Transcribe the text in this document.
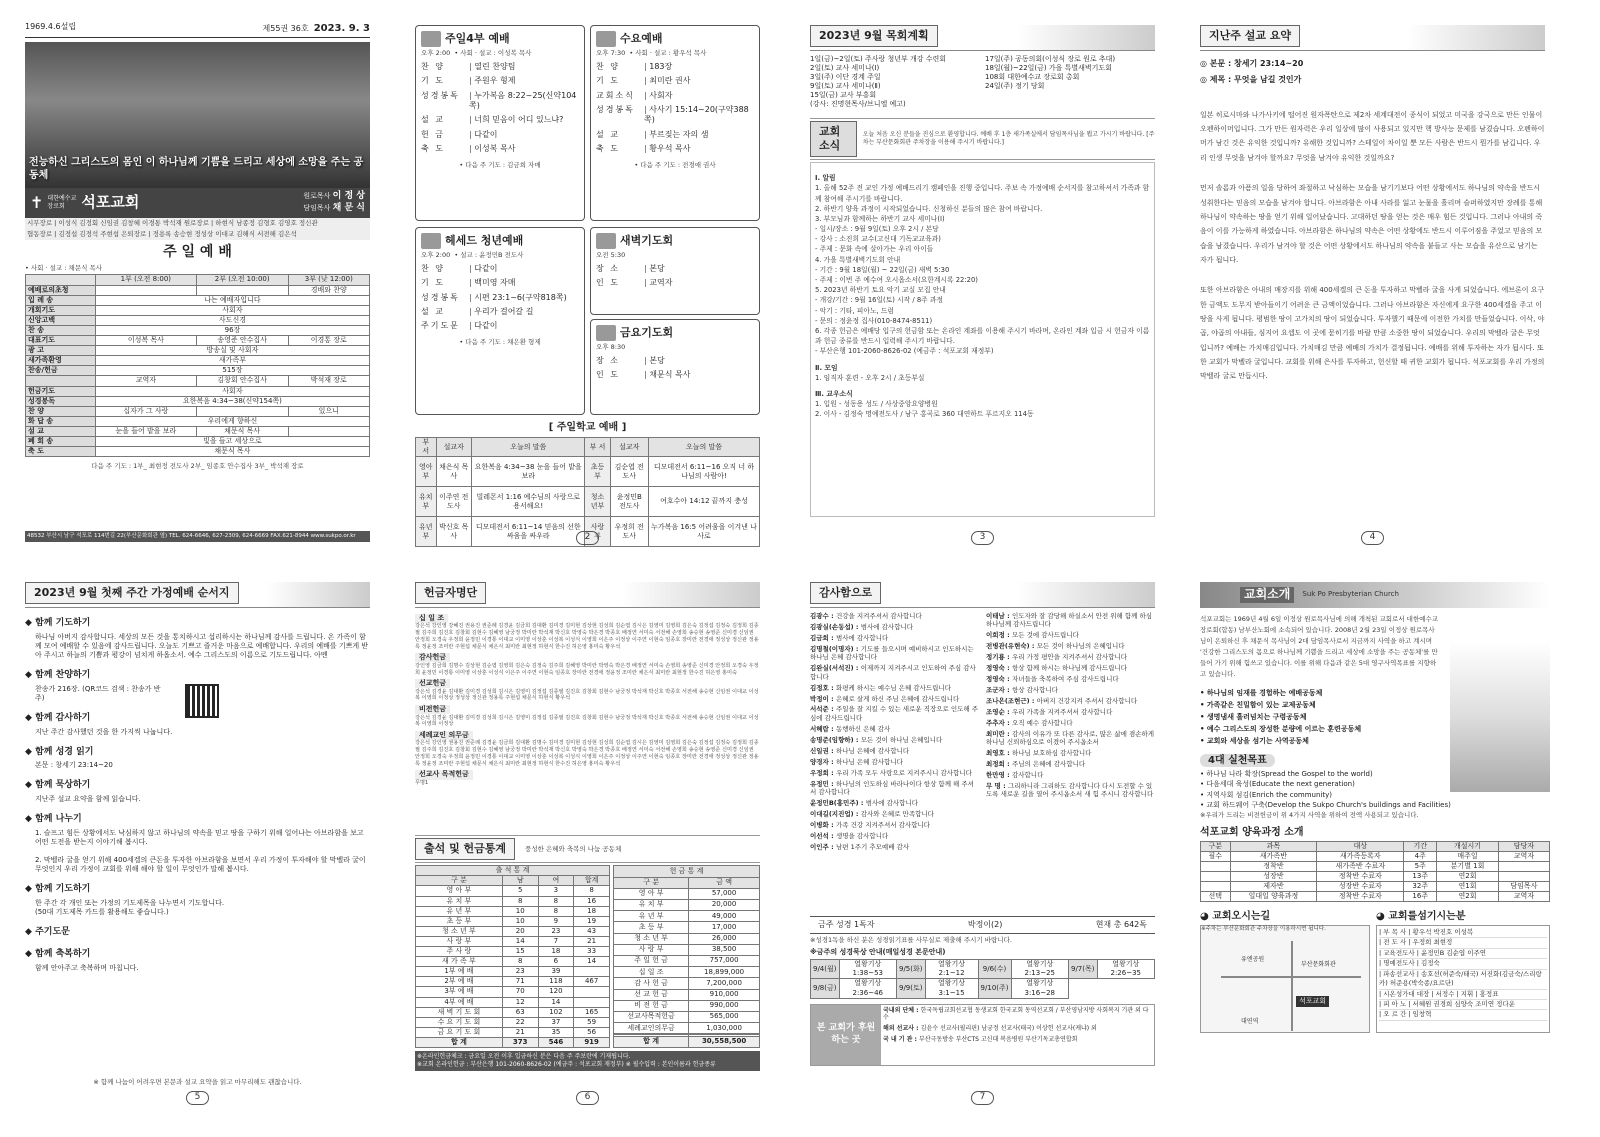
1969.4.6설립	제55권 36호 2023. 9. 3
전능하신 그리스도의 몸인 이 하나님께 기쁨을 드리고 세상에 소망을 주는 공동체
✝ 대한예수교 장로회	석포교회	원로목사 이 정 상
담임목사 채 문 식
시무장로 | 이성식 김정회 신임권 김창혜 이경통 박석재 원로장로 | 하현식 남종정 김형호 김영호 정신관
협동장로 | 김정섭 김정석 주현섭 은퇴장로 | 정용록 송승현 정성상 이대교 김해식 서전해 김은석
주 일 예 배
• 사회 · 설교 : 채문식 목사
	1부 (오전 8:00)	2부 (오전 10:00)	3부 (낮 12:00)
예배로의초청			경배와 찬양
입 례 송	나는 예배자입니다		
개회기도	사회자		
신앙고백	사도신경		
찬 송	96장		
대표기도	이성복 목사	송영준 안수집사	이경통 장로
광 고	방송실 및 사회자		
새가족환영	새가족부		
찬송/헌금	515장		
	교역자	김창회 안수집사	박석재 장로
헌금기도	사회자		
성경봉독	요한복음 4:34~38(신약154쪽)		
찬 양	십자가 그 사랑		있으니
화 답 송	우리에게 향하신		
설 교	눈을 들어 밭을 보라	채문식 목사	
폐 회 송	빛을 들고 세상으로		
축 도	채문식 목사		
다음 주 기도 : 1부_ 최현정 전도사 2부_ 임종호 안수집사 3부_ 박석재 장로
48532 부산시 남구 석포로 114번길 22(부산문화회관 옆) TEL. 624-6646, 627-2309, 624-6669 FAX.621-8944 www.sukpo.or.kr
주일4부 예배
오후 2:00 • 사회 · 설교 : 이성복 목사
찬 양	| 열린 찬양팀
기 도	| 주원우 형제
성경봉독	| 누가복음 8:22~25(신약104쪽)
설 교	| 너희 믿음이 어디 있느냐?
헌 금	| 다같이
축 도	| 이성복 목사
• 다음 주 기도 : 김금희 자매
수요예배
오후 7:30 • 사회 · 설교 : 황우석 목사
찬 양	| 183장
기 도	| 최미란 권사
교회소식	| 사회자
성경봉독	| 사사기 15:14~20(구약388쪽)
설 교	| 부르짖는 자의 샘
축 도	| 황우석 목사
• 다음 주 기도 : 전경애 권사
헤세드 청년예배
오후 2:00 • 설교 : 윤정민B 전도사
찬 양	| 다같이
기 도	| 백미영 자매
성경봉독	| 시편 23:1~6(구약818쪽)
설 교	| 우리가 걸어갈 길
주기도문	| 다같이
• 다음 주 기도 : 채은환 형제
새벽기도회
오전 5:30
장 소	| 본당
인 도	| 교역자
금요기도회
오후 8:30
장 소	| 본당
인 도	| 채문식 목사
[ 주일학교 예배 ]
부 서	설교자	오늘의 말씀	부 서	설교자	오늘의 말씀
영아부	채은식 목사	요한복음 4:34~38 눈을 들어 밭을 보라	초등부	김순엽 전도사	디모데전서 6:11~16 오직 너 하나님의 사람아!
유치부	이주연 전도사	빌레몬서 1:16 예수님의 사랑으로 용서해요!	청소년부	윤정민B 전도사	여호수아 14:12 끝까지 충성
유년부	박신호 목 사	디모데전서 6:11~14 믿음의 선한 싸움을 싸우라	사랑부	우정희 전도사	누가복음 16:5 어려움을 이겨낸 나사로
2
2023년 9월 목회계획
1일(금)~2일(토) 주사랑 청년부 개강 수련회
2일(토) 교사 세미나(Ⅰ)
3일(주) 이단 경계 주일
9일(토) 교사 세미나(Ⅱ)
15일(금) 교사 부흥회
(강사: 진명현목사/브니엘 예고)
17일(주) 공동의회(이성식 장로 원로 추대)
18일(월)~22일(금) 가을 특별새벽기도회
108회 대한예수교 장로회 총회
24일(주) 정기 당회
교회소식
오늘 처음 오신 분들을 진심으로 환영합니다. 예배 후 1층 새가족실에서 담임목사님을 뵙고 가시기 바랍니다. [주차는 부산문화회관 주차장을 이용해 주시기 바랍니다.]
Ⅰ. 알림
1. 올해 52주 전 교인 가정 예배드리기 캠페인을 진행 중입니다. 주보 속 가정예배 순서지를 참고하셔서 가족과 함께 참여해 주시기를 바랍니다.
2. 하반기 양육 과정이 시작되었습니다. 신청하신 분들의 많은 참여 바랍니다.
3. 부모님과 함께하는 하반기 교사 세미나(Ⅰ)
- 일시/장소 : 9월 9일(토) 오후 2시 / 본당
- 강사 : 소진희 교수(고신대 기독교교육과)
- 주제 : 문화 속에 살아가는 우리 아이들
4. 가을 특별새벽기도회 안내
- 기간 : 9월 18일(월) ~ 22일(금) 새벽 5:30
- 주제 : 이번 주 예수여 오시옵소서(요한계시록 22:20)
5. 2023년 하반기 토요 악기 교실 모집 안내
- 개강/기간 : 9월 16일(토) 시작 / 8주 과정
- 악기 : 기타, 피아노, 드럼
- 문의 : 정윤정 집사(010-8474-8511)
6. 각종 헌금은 예배당 입구의 헌금함 또는 온라인 계좌를 이용해 주시기 바라며, 온라인 계좌 입금 시 헌금자 이름과 헌금 종류를 반드시 입력해 주시기 바랍니다.
- 부산은행 101-2060-8626-02 (예금주 : 석포교회 재정부)
Ⅱ. 모임
1. 임직자 훈련 - 오후 2시 / 초등부실
Ⅲ. 교우소식
1. 입원 - 성동용 성도 / 사상중앙요양병원
2. 이사 - 김정숙 명예전도사 / 남구 홍곡로 360 대연하트 푸르지오 114동
3
지난주 설교 요약
◎ 본문 : 창세기 23:14~20
◎ 제목 : 무엇을 남길 것인가

일본 히로시마와 나가사키에 떨어진 원자폭탄으로 제2차 세계대전이 종식이 되었고 미국을 강국으로 만든 인물이 오펜하이머입니다. 그가 만든 원자력은 우리 일상에 많이 사용되고 있지만 핵 방사능 문제를 남겼습니다. 오펜하이머가 남긴 것은 유익한 것입니까? 유해한 것입니까? 스테일이 차이일 뿐 모든 사람은 반드시 뭔가를 남깁니다. 우리 인생 무엇을 남겨야 할까요? 무엇을 남겨야 유익한 것일까요?

먼저 솔롬과 아픔의 일을 당하여 좌절하고 낙심하는 모습을 남기기보다 어떤 상황에서도 하나님의 약속을 반드시 성취한다는 믿음의 모습을 남겨야 합니다. 아브라함은 아내 사라를 잃고 눈물을 흘리며 슬퍼하였지만 장례를 통해 하나님이 약속하는 땅을 얻기 위해 일어났습니다. 고대하던 땅을 얻는 것은 매우 힘든 것입니다. 그러나 아내의 죽음이 이를 가능하게 하였습니다. 아브라함은 하나님의 약속은 어떤 상황에도 반드시 이루어짐을 주었고 믿음의 모습을 남겼습니다. 우리가 남겨야 할 것은 어떤 상황에서도 하나님의 약속을 붙들고 사는 모습을 유산으로 남기는 자가 됩니다.

또한 아브라함은 아내의 매장지를 위해 400세겔의 큰 돈을 투자하고 막벨라 굴을 사게 되었습니다. 에브론이 요구한 금액도 도무지 받아들이기 어려운 큰 금액이었습니다. 그러나 아브라함은 자신에게 요구한 400세겔을 주고 이 땅을 사게 됩니다. 평범한 땅이 고가치의 땅이 되었습니다. 투자했기 때문에 이전한 가치를 만들었습니다. 이삭, 야곱, 야곱의 아내들, 심지어 요셉도 이 곳에 묻히기를 바랄 만큼 소중한 땅이 되었습니다. 우리의 막벨라 굴은 무엇입니까? 예배는 가치매김입니다. 가치매김 만큼 예배의 가치가 결정됩니다. 예배를 위해 투자하는 자가 됩시다. 또한 교회가 막벨라 굴입니다. 교회를 위해 은사를 투자하고, 헌신할 때 귀한 교회가 됩니다. 석포교회를 우리 가정의 막벨라 굴로 만듭시다.

4
2023년 9월 첫째 주간 가정예배 순서지
◆ 함께 기도하기
하나님 아버지 감사합니다. 세상의 모든 것을 통치하시고 섭리하시는 하나님께 감사를 드립니다. 온 가족이 함께 모여 예배할 수 있음에 감사드립니다. 오늘도 기쁘고 즐거운 마음으로 예배합니다. 우리의 예배를 기쁘게 받아 주시고 하늘의 기쁨과 평강이 넘치게 하옵소서. 예수 그리스도의 이름으로 기도드립니다. 아멘
◆ 함께 찬양하기
찬송가 216장. (QR코드 검색 : 찬송가 반주)
◆ 함께 감사하기
지난 주간 감사했던 것을 한 가지씩 나눕니다.
◆ 함께 성경 읽기
본문 : 창세기 23:14~20
◆ 함께 묵상하기
지난주 설교 요약을 함께 읽습니다.
◆ 함께 나누기
1. 슬프고 힘든 상황에서도 낙심하지 않고 하나님의 약속을 믿고 땅을 구하기 위해 일어나는 아브라함을 보고 어떤 도전을 받는지 이야기해 봅시다.

2. 막벨라 굴을 얻기 위해 400세겔의 큰돈을 투자한 아브라함을 보면서 우리 가정이 투자해야 할 막벨라 굴이 무엇인지 우리 가정이 교회를 위해 해야 할 일이 무엇인가 말해 봅시다.
◆ 함께 기도하기
한 주간 각 개인 또는 가정의 기도제목을 나누면서 기도합니다.
(50대 기도제목 카드를 활용해도 좋습니다.)
◆ 주기도문
◆ 함께 축복하기
함께 안아주고 축복하며 마칩니다.
※ 함께 나눔이 어려우면 본문과 설교 요약을 읽고 마무리해도 괜찮습니다.
5
헌금자명단
십 일 조
강은석 강인영 강혜진 권용진 권준례 김경윤 김금희 김대환 김미경 김미현 김상현 김성희 김순엽 김시은 김영미 김영희 김은숙 김정섭 김정숙 김정희 김종필 김주희 김진호 김창회 김현수 김혜영 남궁정 박미란 박석재 박신호 박영숙 박은경 박종호 배정연 서미숙 서전해 손영희 송승현 송영준 신미경 신임권 안정희 오경숙 우정희 윤정민 이경통 이대교 이미영 이상훈 이성복 이성식 이영희 이은주 이정상 이주연 이현숙 임종호 장미란 전경애 정성상 정신관 정용록 정윤정 조미란 주현섭 채문식 채은식 최미란 최현정 하현식 한수진 허은영 홍미숙 황우석
감사헌금
강인영 김금희 김명수 김상현 김순엽 김영희 김은숙 김정숙 김주희 김혜영 박미란 박영숙 박은경 배정연 서미숙 손영희 송영준 신미경 안정희 오경숙 우정희 윤정민 이경통 이미영 이상훈 이성식 이은주 이주연 이현숙 임종호 장미란 전경애 정윤정 조미란 채은식 최미란 최현정 한수진 허은영 홍미숙
선교헌금
강은석 김경윤 김대환 김미경 김성희 김시은 김영미 김정섭 김종필 김진호 김창회 김현수 남궁정 박석재 박신호 박종호 서전해 송승현 신임권 이대교 이성복 이영희 이정상 정성상 정신관 정용록 주현섭 채문식 하현식 황우석
비전헌금
강은석 김경윤 김대환 김미경 김성희 김시은 김영미 김정섭 김종필 김진호 김창회 김현수 남궁정 박석재 박신호 박종호 서전해 송승현 신임권 이대교 이성복 이영희 이정상
세례교인 의무금
강은석 강인영 권용진 권준례 김경윤 김금희 김대환 김명수 김미경 김미현 김상현 김성희 김순엽 김시은 김영미 김영희 김은숙 김정섭 김정숙 김정희 김종필 김주희 김진호 김창회 김현수 김혜영 남궁정 박미란 박석재 박신호 박영숙 박은경 박종호 배정연 서미숙 서전해 손영희 송승현 송영준 신미경 신임권 안정희 오경숙 우정희 윤정민 이경통 이대교 이미영 이상훈 이성복 이성식 이영희 이은주 이정상 이주연 이현숙 임종호 장미란 전경애 정성상 정신관 정용록 정윤정 조미란 주현섭 채문식 채은식 최미란 최현정 하현식 한수진 허은영 홍미숙 황우석
선교사 목적헌금
무명1
출석 및 헌금통계	풍성한 은혜와 축복의 나눔 공동체
출 석 통 계			
구 분	남	여	합계
영 아 부	5	3	8
유 치 부	8	8	16
유 년 부	10	8	18
초 등 부	10	9	19
청 소 년 부	20	23	43
사 랑 부	14	7	21
주 사 랑	15	18	33
새 가 족 부	8	6	14
1부 예 배	23	39	
2부 예 배	71	118	467
3부 예 배	70	120	
4부 예 배	12	14	
새 벽 기 도 회	63	102	165
수 요 기 도 회	22	37	59
금 요 기 도 회	21	35	56
합 계	373	546	919
헌 금 통 계	
구 분	금 액
영 아 부	57,000
유 치 부	20,000
유 년 부	49,000
초 등 부	17,000
청 소 년 부	26,000
사 랑 부	38,500
주 일 헌 금	757,000
십 일 조	18,899,000
감 사 헌 금	7,200,000
선 교 헌 금	910,000
비 전 헌 금	990,000
선교사목적헌금	565,000
세례교인의무금	1,030,000

합 계	30,558,500
※온라인헌금체크 : 금요일 오전 이후 입금하신 분은 다음 주 주보란에 기재됩니다.
※교회 온라인헌금 : 부산은행 101-2060-8626-02 (예금주 : 석포교회 재정부) ※ 필수입력 : 본인이름과 헌금종류
6
감사함으로
김광수 : 건강을 지켜주셔서 감사합니다
김광실(손동섭) : 범사에 감사합니다
김금희 : 범사에 감사합니다
김명철(이명자) : 기도를 들으시며 예비하시고 인도하시는 하나님 은혜 감사합니다
김완실(서석진) : 이제까지 지켜주시고 인도하여 주심 감사합니다
김정호 : 화평케 하시는 예수님 은혜 감사드립니다
박정이 : 은혜로 살게 하신 주님 은혜에 감사드립니다
서석준 : 주일을 잘 지킬 수 있는 새로운 직장으로 인도해 주심에 감사드립니다
서혜람 : 동행하신 은혜 감사
송명준(임향하) : 모든 것이 하나님 은혜입니다
신일권 : 하나님 은혜에 감사합니다
양경자 : 하나님 은혜 감사합니다
우정희 : 우리 가족 모두 사랑으로 지켜주시니 감사합니다
유정민 : 하나님의 인도하심 바라나이다 항상 함께 해 주셔서 감사합니다
윤정민B(홍민주) : 범사에 감사합니다
이대길(지진업) : 감사와 은혜로 만족합니다
이병화 : 가족 건강 지켜주셔서 감사합니다
이선석 : 생명을 감사합니다
이인주 : 남편 1주기 추모예배 감사
이태남 : 인도자와 잘 감당해 하실소서 안전 위해 함께 하심 하나님께 감사드립니다
이희정 : 모든 것에 감사드립니다
전병관(유현숙) : 모든 것이 하나님의 은혜입니다
정기룡 : 우리 가정 평안을 지켜주셔서 감사합니다
정영숙 : 항상 함께 하시는 하나님께 감사드립니다
정영숙 : 자녀들을 축복하여 주심 감사드립니다
조군자 : 항상 감사합니다
조나은(조현근) : 아버지 건강지켜 주셔서 감사합니다
조영순 : 우리 가족을 지켜주셔서 감사합니다
주추자 : 오직 예수 감사합니다
최미란 : 감사의 이유가 또 다른 감사로, 많은 삶에 겸손하게 하나님 신뢰하심으로 이겼어 주시옵소서
최영호 : 하나님 보호하심 감사합니다
최정희 : 주님의 은혜에 감사합니다
한만영 : 감사합니다
무 명 : 그리하니라 그리하도 감사합니다 다시 도전할 수 있도록 새로운 길을 열어 주시옵소서 새 힘 주시니 감사합니다
금주 성경 1독자	박정이(2)	현재 총 642독
※성경1독을 하신 분은 성경읽기표를 사무실로 제출해 주시기 바랍니다.
※금주의 성경묵상 안내(매일성경 본문안내)
9/4(월)	열왕기상 1:38~53	9/5(화)	열왕기상 2:1~12	9/6(수)	열왕기상 2:13~25	9/7(목)	열왕기상 2:26~35
9/8(금)	열왕기상 2:36~46	9/9(토)	열왕기상 3:1~15	9/10(주)	열왕기상 3:16~28		
본 교회가 후원하는 곳
국내외 단체 : 한국독립교회선교협 동생교회 한국교회 동역선교회 / 부산영남지방 사회복지 기관 외 다수
해외 선교사 : 김윤수 선교사(필리핀) 남궁정 선교사(태국) 이상헌 선교사(케냐) 외
국 내 기 관 : 부산극동방송 부산CTS 고신대 복음병원 부산기독교총연합회
7
교회소개	Suk Po Presbyterian Church
석포교회는 1969년 4월 6일 이정상 원로목사님에 의해 개척된 교회로서 대한예수교 장로회(합동) 남부산노회에 소속되어 있습니다. 2008년 2월 23일 이정상 원로목사님이 은퇴하신 후 채문식 목사님이 2대 담임목사로서 지금까지 사역을 하고 계시며 '건강한 그리스도의 몸으로 하나님께 기쁨을 드리고 세상에 소망을 주는 공동체'를 만들어 가기 위해 힘쓰고 있습니다. 이를 위해 다음과 같은 5대 영구사역목표를 지향하고 있습니다.
• 하나님의 임재를 경험하는 예배공동체
• 가족같은 친밀함이 있는 교제공동체
• 생명냄새 흘러넘치는 구령공동체
• 예수 그리스도의 장성한 분량에 이르는 훈련공동체
• 교회와 세상을 섬기는 사역공동체
4대 실천목표
• 하나님 나라 확장(Spread the Gospel to the world)
• 다음세대 육성(Educate the next generation)
• 지역사회 섬김(Enrich the community)
• 교회 하드웨어 구축(Develop the Sukpo Church's buildings and Facilities)
※우리가 드리는 비전헌금이 위 4가지 사역을 위하여 전액 사용되고 있습니다.
석포교회 양육과정 소개
구분	과목	대상	기간	개설시기	담당자
필수	새가족반	새가족등록자	4주	매주일	교역자
	정착반	새가족반 수료자	5주	분기별 1회	
	성장반	정착반 수료자	13주	연2회	
	제자반	성장반 수료자	32주	연1회	담임목사
선택	일대일 양육과정	정착반 수료자	16주	연2회	교역자
◕ 교회오시는길
※주차는 부산문화회관 주차장을 이용하시면 됩니다.
석포교회
부산문화회관
대연역
유엔공원
◕ 교회를섬기시는분
| 부 목 사 | 황우석 박진호 이성복
| 전 도 사 | 우정희 최현정
| 교육전도사 | 윤정민B 김순엽 이주연
| 명예전도사 | 김정숙
| 파송선교사 | 송호선(허준숙/태국) 서진화(김금숙/스리랑카) 허준용(박숙종/요르단)
| 시온성가대 대장 | 서정수 | 지휘 | 홍정표
| 피 아 노 | 서혜원 권경희 심양숙 조미연 정다운
| 오 르 간 | 임창혁
